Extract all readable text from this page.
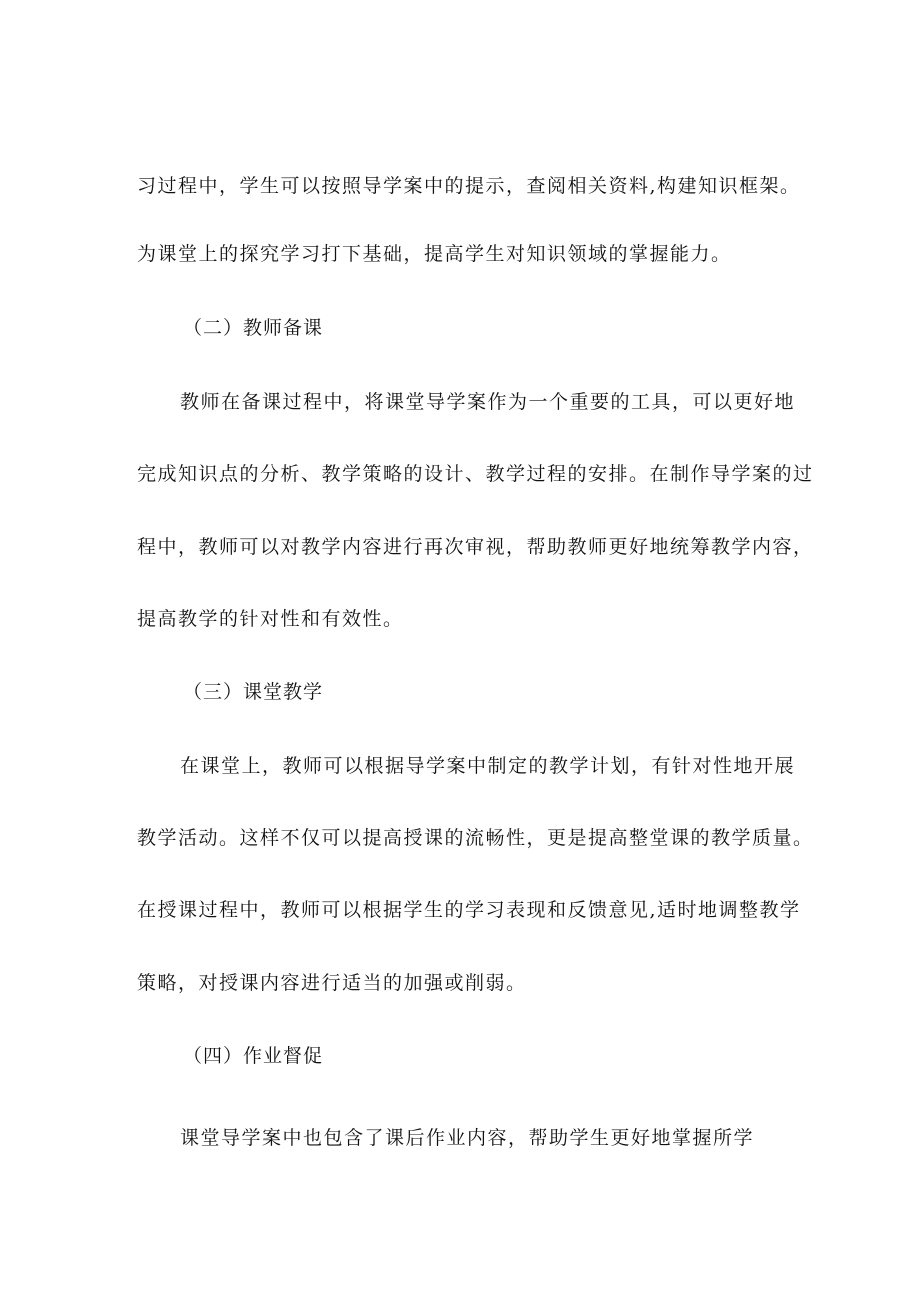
习过程中，学生可以按照导学案中的提示，查阅相关资料,构建知识框架。
为课堂上的探究学习打下基础，提高学生对知识领域的掌握能力。
（二）教师备课
教师在备课过程中，将课堂导学案作为一个重要的工具，可以更好地
完成知识点的分析、教学策略的设计、教学过程的安排。在制作导学案的过
程中，教师可以对教学内容进行再次审视，帮助教师更好地统筹教学内容，
提高教学的针对性和有效性。
（三）课堂教学
在课堂上，教师可以根据导学案中制定的教学计划，有针对性地开展
教学活动。这样不仅可以提高授课的流畅性，更是提高整堂课的教学质量。
在授课过程中，教师可以根据学生的学习表现和反馈意见,适时地调整教学
策略，对授课内容进行适当的加强或削弱。
（四）作业督促
课堂导学案中也包含了课后作业内容，帮助学生更好地掌握所学
